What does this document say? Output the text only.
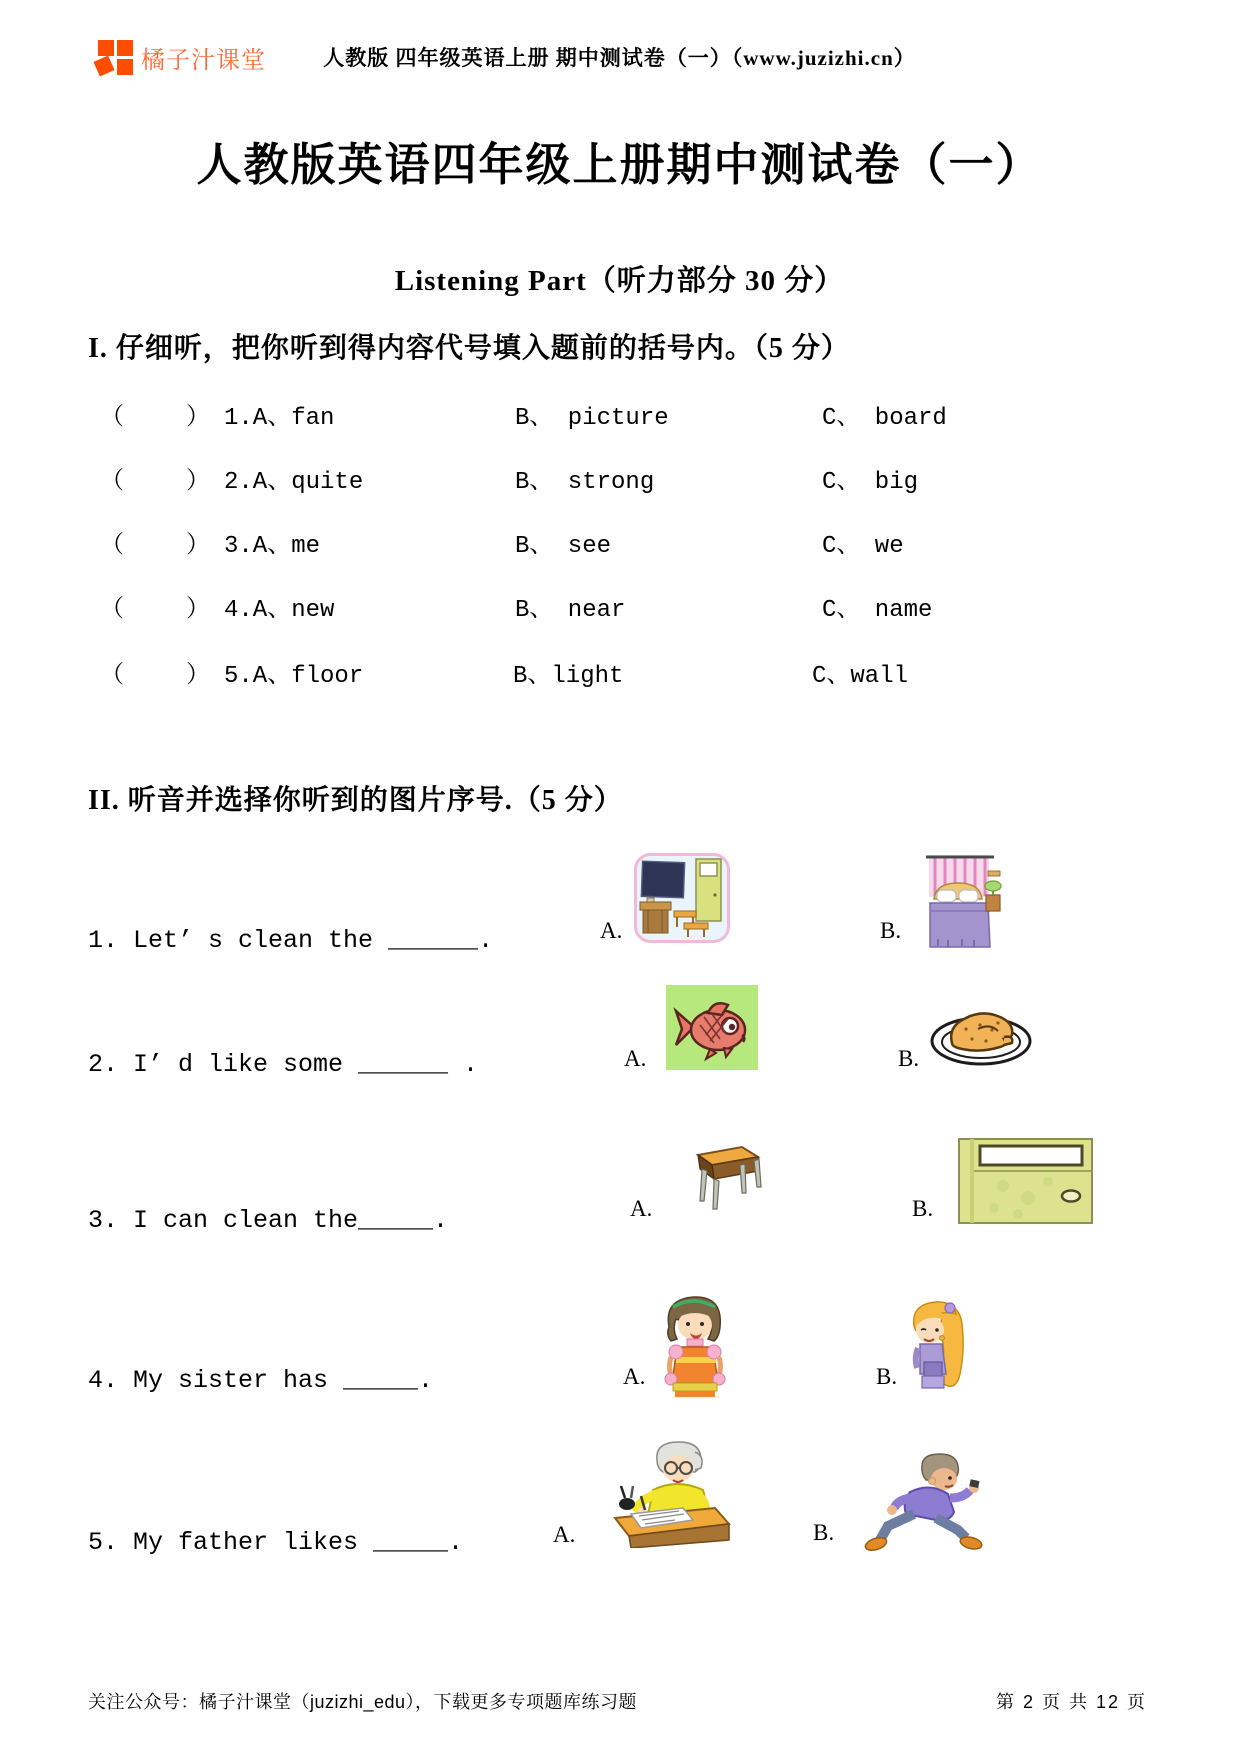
橘子汁课堂	人教版 四年级英语上册 期中测试卷（一）（www.juzizhi.cn）
人教版英语四年级上册期中测试卷（一）
Listening Part（听力部分 30 分）
I. 仔细听，把你听到得内容代号填入题前的括号内。（5 分）
（	） 1.A、fan	B、 picture	C、 board
（	） 2.A、quite	B、 strong	C、 big
（	） 3.A、me	B、 see	C、 we
（	） 4.A、new	B、 near	C、 name
（	） 5.A、floor	B、light	C、wall
II. 听音并选择你听到的图片序号.（5 分）
1. Let’ s clean the ______.	A.	B.
2. I’ d like some ______ .	A.	B.
3. I can clean the_____.	A.	B.
4. My sister has _____.	A.	B.
5. My father likes _____.	A.	B.
关注公众号：橘子汁课堂（juzizhi_edu），下载更多专项题库练习题	第 2 页 共 12 页
